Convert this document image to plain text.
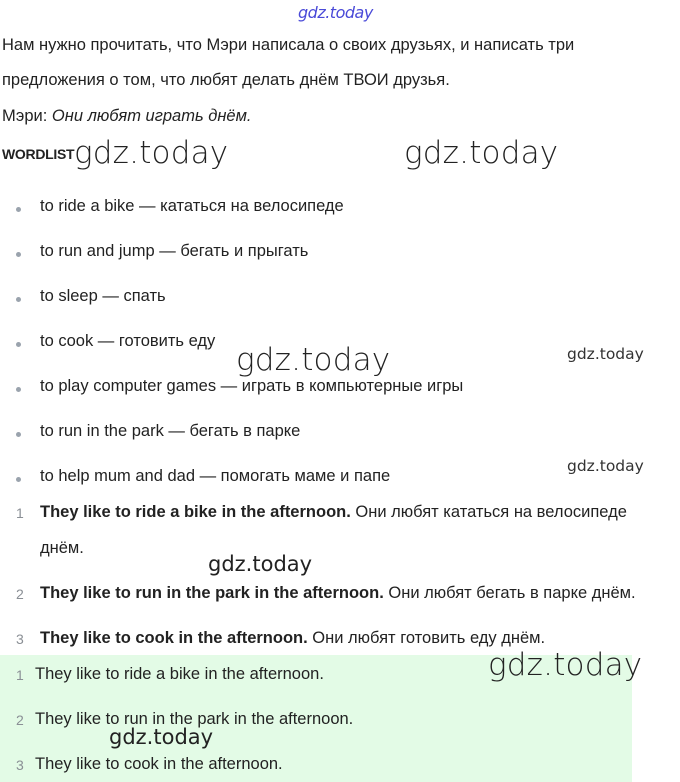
gdz.today
Нам нужно прочитать, что Мэри написала о своих друзьях, и написать три
предложения о том, что любят делать днём ТВОИ друзья.
Мэри: Они любят играть днём.
WORDLIST gdz.today	gdz.today
to ride a bike — кататься на велосипеде
to run and jump — бегать и прыгать
to sleep — спать
to cook — готовить еду
to play computer games — играть в компьютерные игры
to run in the park — бегать в парке
to help mum and dad — помогать маме и папе
gdz.today	gdz.today
gdz.today
1 They like to ride a bike in the afternoon. Они любят кататься на велосипеде
днём.
2 They like to run in the park in the afternoon. Они любят бегать в парке днём.
3 They like to cook in the afternoon. Они любят готовить еду днём.
gdz.today
1 They like to ride a bike in the afternoon.
2 They like to run in the park in the afternoon.
3 They like to cook in the afternoon.
gdz.today
gdz.today
